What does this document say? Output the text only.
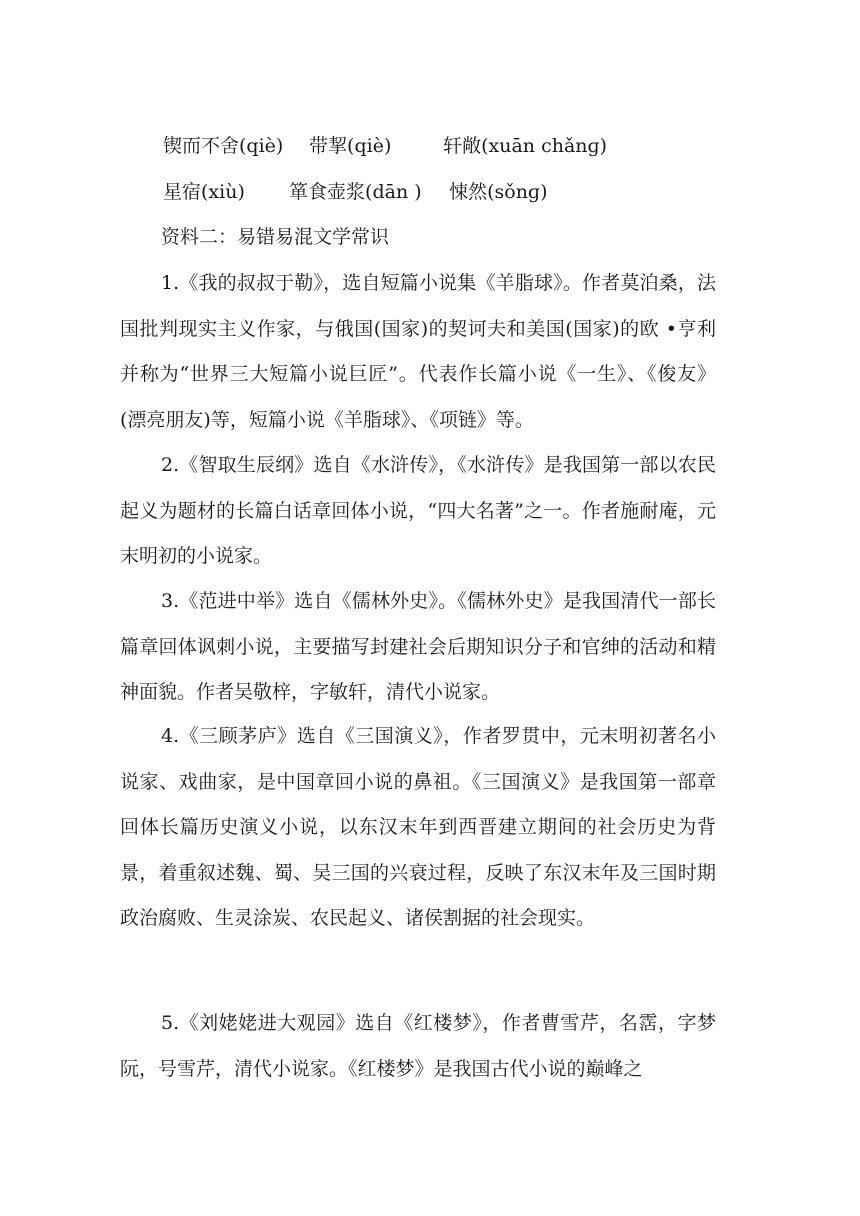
锲而不舍(qiè) 带挈(qiè)	轩敞(xuān chǎnɡ)
星宿(xiù) 箪食壶浆(dān ) 悚然(sǒnɡ)

资料二：易错易混文学常识

1.《我的叔叔于勒》，选自短篇小说集《羊脂球》。作者莫泊桑，法国批判现实主义作家，与俄国(国家)的契诃夫和美国(国家)的欧 •亨利并称为“世界三大短篇小说巨匠”。代表作长篇小说《一生》、《俊友》(漂亮朋友)等，短篇小说《羊脂球》、《项链》等。

2.《智取生辰纲》选自《水浒传》，《水浒传》是我国第一部以农民起义为题材的长篇白话章回体小说，“四大名著”之一。作者施耐庵，元末明初的小说家。

3.《范进中举》选自《儒林外史》。《儒林外史》是我国清代一部长篇章回体讽刺小说，主要描写封建社会后期知识分子和官绅的活动和精神面貌。作者吴敬梓，字敏轩，清代小说家。

4.《三顾茅庐》选自《三国演义》，作者罗贯中，元末明初著名小说家、戏曲家，是中国章回小说的鼻祖。《三国演义》是我国第一部章回体长篇历史演义小说，以东汉末年到西晋建立期间的社会历史为背景，着重叙述魏、蜀、吴三国的兴衰过程，反映了东汉末年及三国时期政治腐败、生灵涂炭、农民起义、诸侯割据的社会现实。

5.《刘姥姥进大观园》选自《红楼梦》，作者曹雪芹，名霑，字梦阮，号雪芹，清代小说家。《红楼梦》是我国古代小说的巅峰之
